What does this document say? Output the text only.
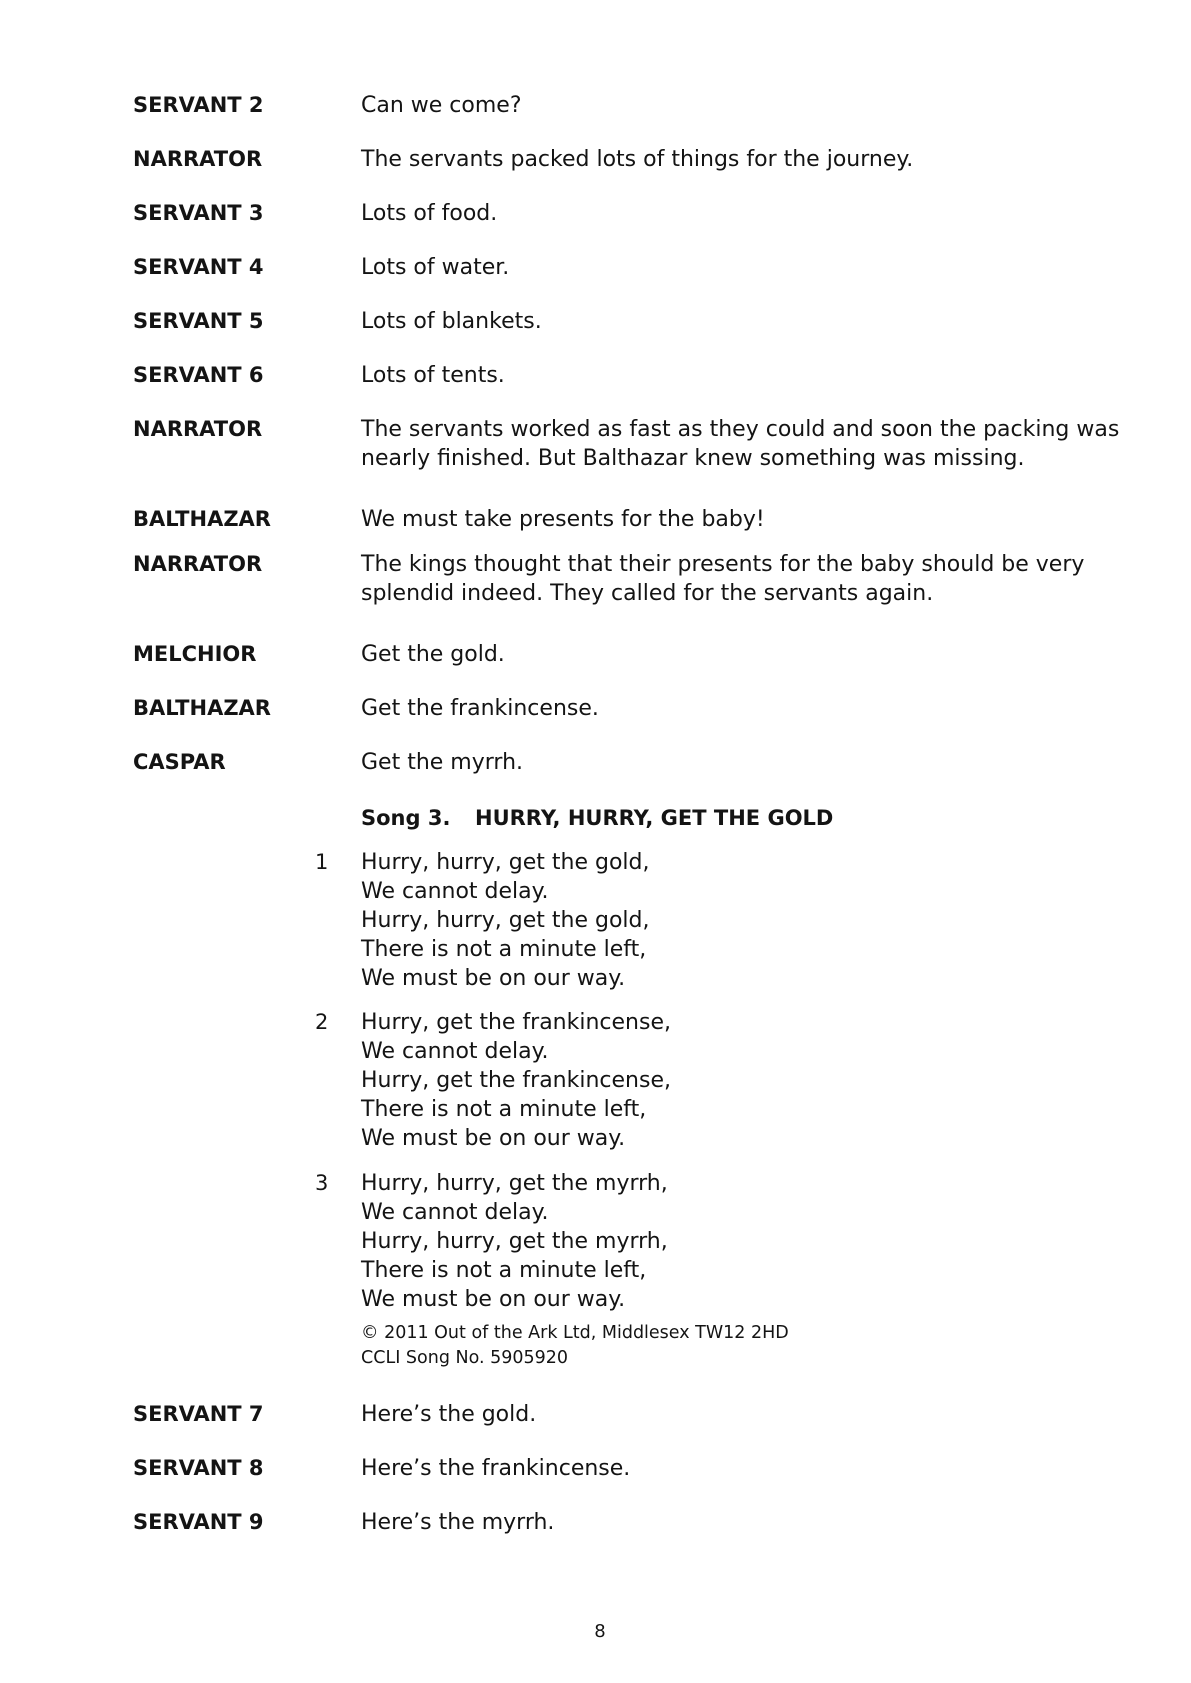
SERVANT 2	Can we come?
NARRATOR	The servants packed lots of things for the journey.
SERVANT 3	Lots of food.
SERVANT 4	Lots of water.
SERVANT 5	Lots of blankets.
SERVANT 6	Lots of tents.
NARRATOR	The servants worked as fast as they could and soon the packing was
nearly finished. But Balthazar knew something was missing.
BALTHAZAR	We must take presents for the baby!
NARRATOR	The kings thought that their presents for the baby should be very
splendid indeed. They called for the servants again.
MELCHIOR	Get the gold.
BALTHAZAR	Get the frankincense.
CASPAR	Get the myrrh.
Song 3. HURRY, HURRY, GET THE GOLD
1 Hurry, hurry, get the gold,
We cannot delay.
Hurry, hurry, get the gold,
There is not a minute left,
We must be on our way.
2 Hurry, get the frankincense,
We cannot delay.
Hurry, get the frankincense,
There is not a minute left,
We must be on our way.
3 Hurry, hurry, get the myrrh,
We cannot delay.
Hurry, hurry, get the myrrh,
There is not a minute left,
We must be on our way.
© 2011 Out of the Ark Ltd, Middlesex TW12 2HD
CCLI Song No. 5905920
SERVANT 7	Here’s the gold.
SERVANT 8	Here’s the frankincense.
SERVANT 9	Here’s the myrrh.
8
